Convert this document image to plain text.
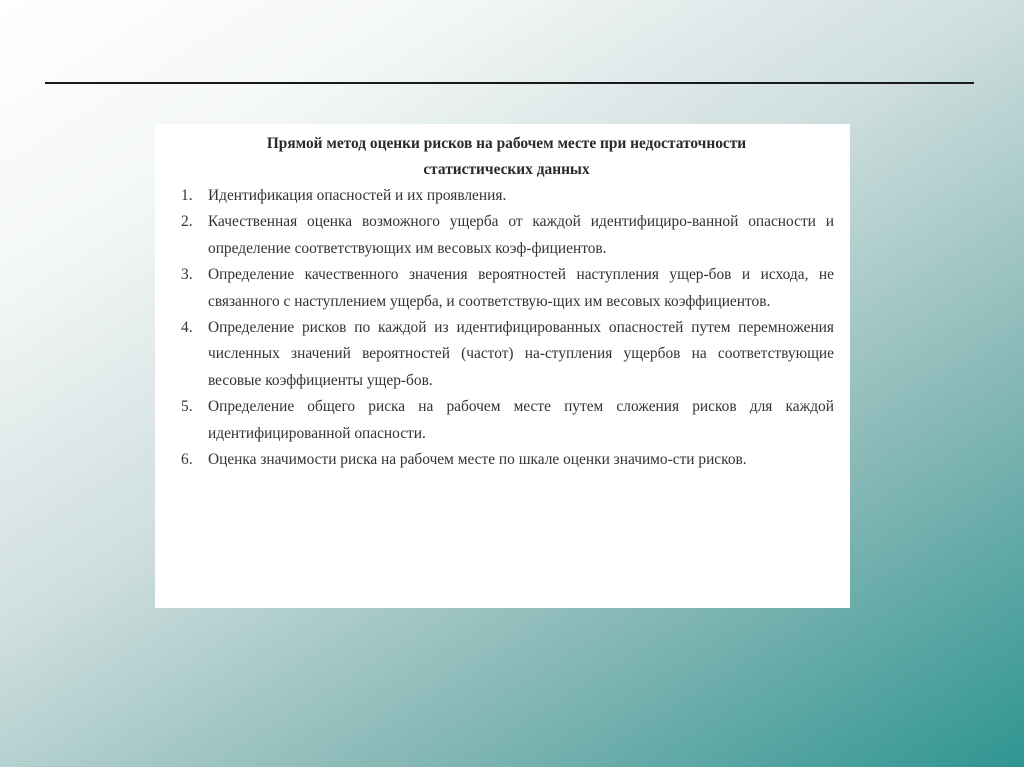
Прямой метод оценки рисков на рабочем месте при недостаточности
статистических данных
1.	Идентификация опасностей и их проявления.
2.	Качественная оценка возможного ущерба от каждой идентифициро-ванной опасности и определение соответствующих им весовых коэф-фициентов.
3.	Определение качественного значения вероятностей наступления ущер-бов и исхода, не связанного с наступлением ущерба, и соответствую-щих им весовых коэффициентов.
4.	Определение рисков по каждой из идентифицированных опасностей путем перемножения численных значений вероятностей (частот) на-ступления ущербов на соответствующие весовые коэффициенты ущер-бов.
5.	Определение общего риска на рабочем месте путем сложения рисков для каждой идентифицированной опасности.
6.	Оценка значимости риска на рабочем месте по шкале оценки значимо-сти рисков.
